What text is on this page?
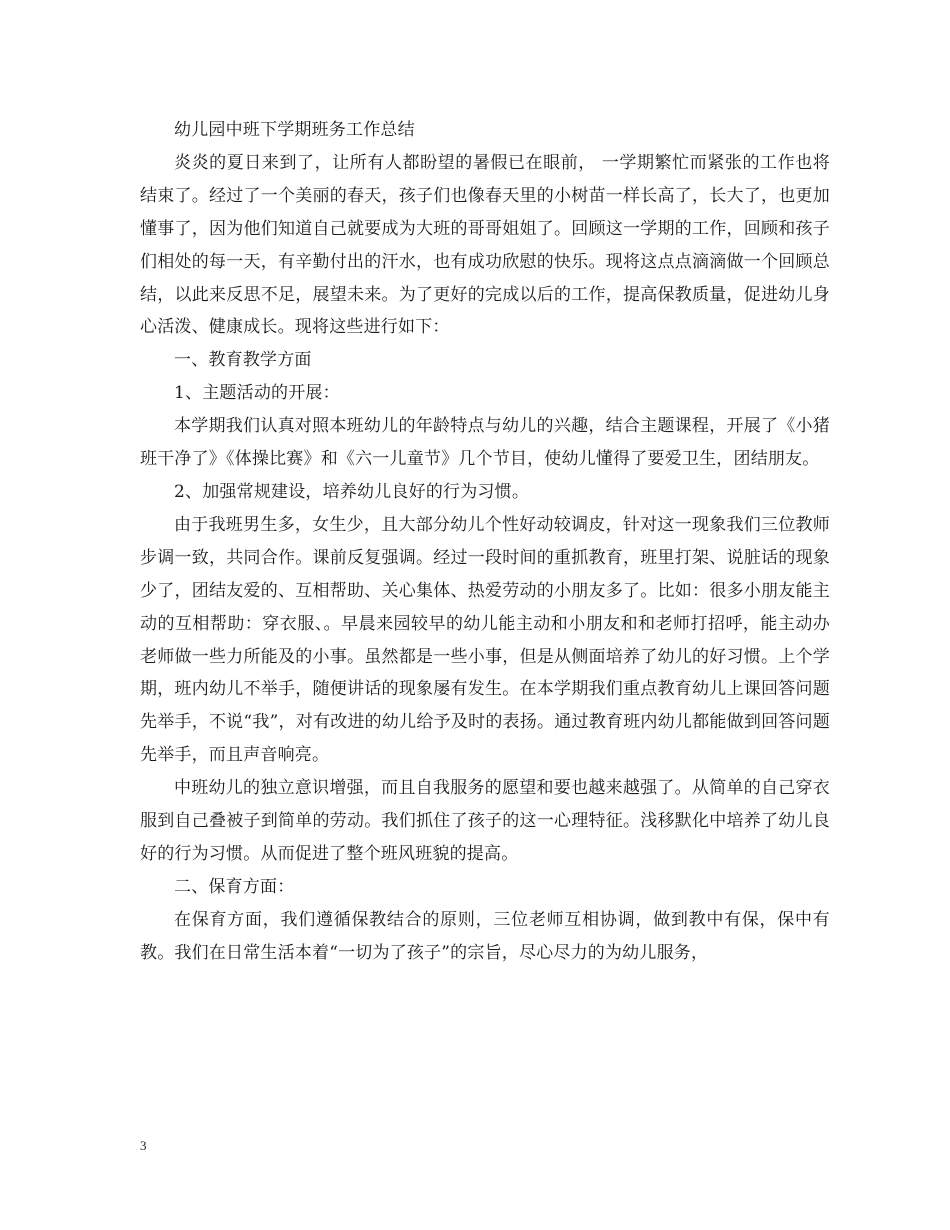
幼儿园中班下学期班务工作总结

炎炎的夏日来到了，让所有人都盼望的暑假已在眼前， 一学期繁忙而紧张的工作也将结束了。经过了一个美丽的春天，孩子们也像春天里的小树苗一样长高了，长大了，也更加懂事了，因为他们知道自己就要成为大班的哥哥姐姐了。回顾这一学期的工作，回顾和孩子们相处的每一天，有辛勤付出的汗水，也有成功欣慰的快乐。现将这点点滴滴做一个回顾总结，以此来反思不足，展望未来。为了更好的完成以后的工作，提高保教质量，促进幼儿身心活泼、健康成长。现将这些进行如下：

一、教育教学方面

1、主题活动的开展：

本学期我们认真对照本班幼儿的年龄特点与幼儿的兴趣，结合主题课程，开展了《小猪班干净了》《体操比赛》和《六一儿童节》几个节目，使幼儿懂得了要爱卫生，团结朋友。

2、加强常规建设，培养幼儿良好的行为习惯。

由于我班男生多，女生少，且大部分幼儿个性好动较调皮，针对这一现象我们三位教师步调一致，共同合作。课前反复强调。经过一段时间的重抓教育，班里打架、说脏话的现象少了，团结友爱的、互相帮助、关心集体、热爱劳动的小朋友多了。比如：很多小朋友能主动的互相帮助：穿衣服、。早晨来园较早的幼儿能主动和小朋友和和老师打招呼，能主动办老师做一些力所能及的小事。虽然都是一些小事，但是从侧面培养了幼儿的好习惯。上个学期，班内幼儿不举手，随便讲话的现象屡有发生。在本学期我们重点教育幼儿上课回答问题先举手，不说“我”，对有改进的幼儿给予及时的表扬。通过教育班内幼儿都能做到回答问题先举手，而且声音响亮。

中班幼儿的独立意识增强，而且自我服务的愿望和要也越来越强了。从简单的自己穿衣服到自己叠被子到简单的劳动。我们抓住了孩子的这一心理特征。浅移默化中培养了幼儿良好的行为习惯。从而促进了整个班风班貌的提高。

二、保育方面：

在保育方面，我们遵循保教结合的原则，三位老师互相协调，做到教中有保，保中有教。我们在日常生活本着“一切为了孩子”的宗旨，尽心尽力的为幼儿服务，

3
